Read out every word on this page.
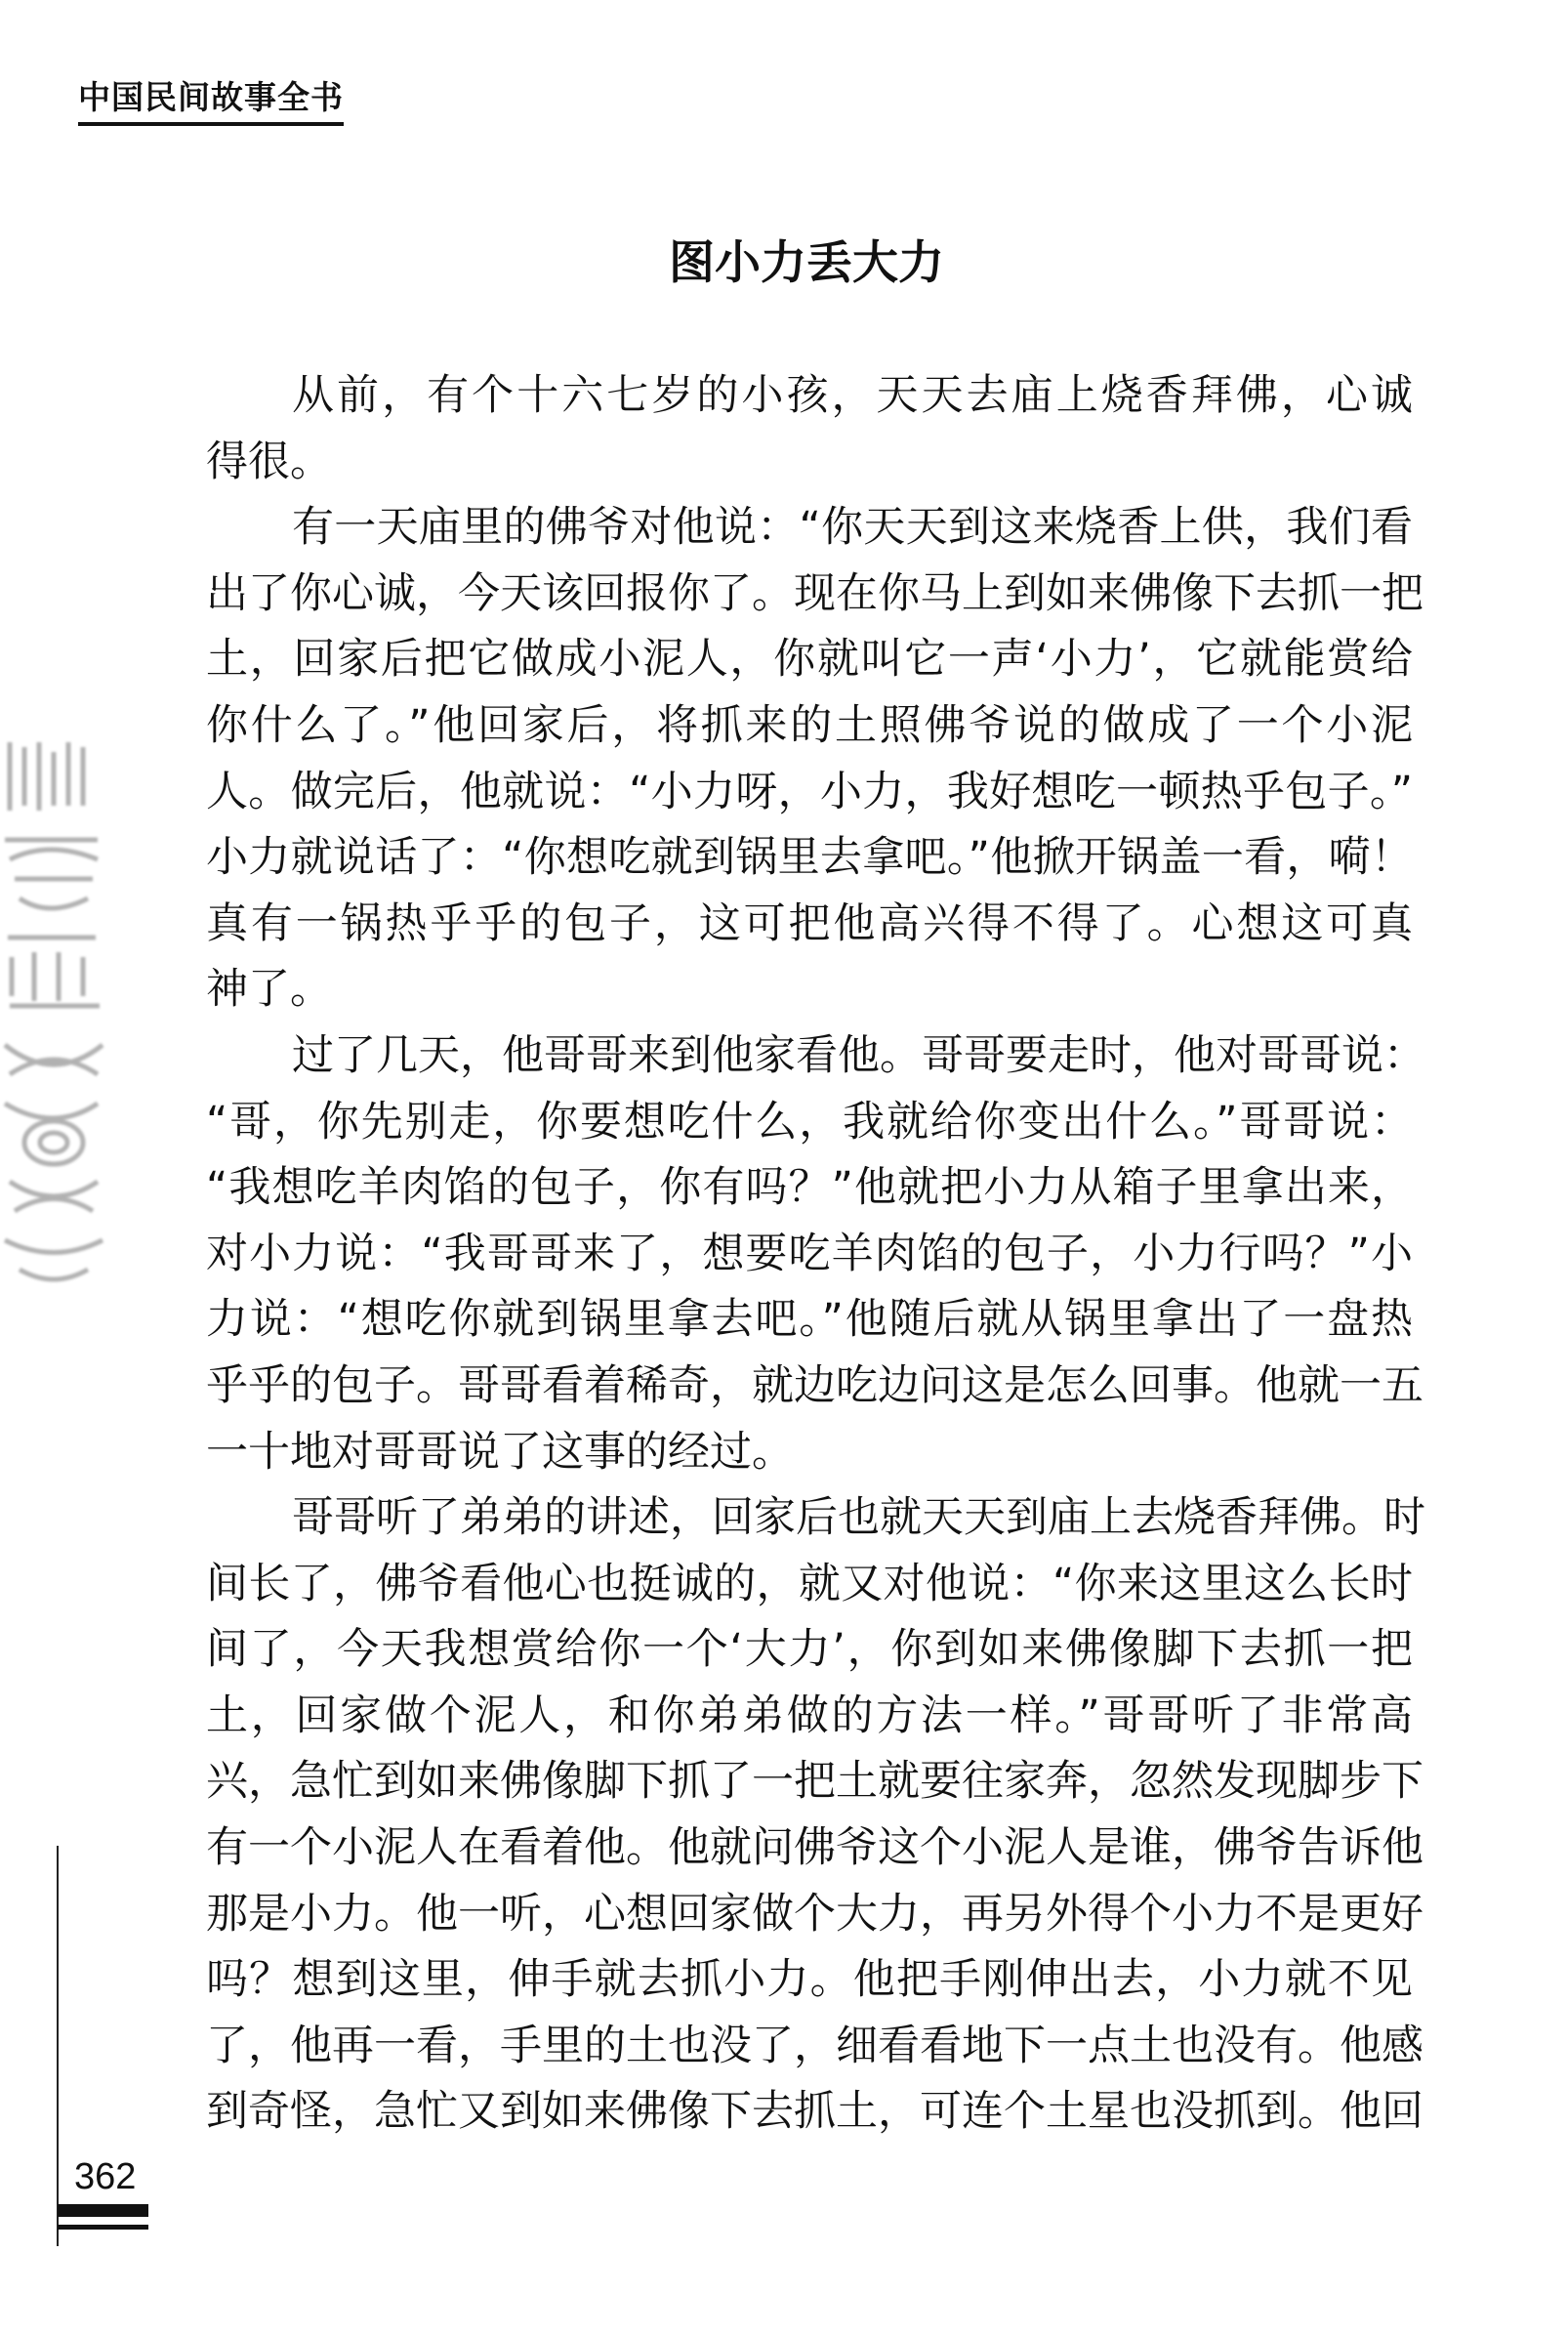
中国民间故事全书
图小力丢大力
从前，有个十六七岁的小孩，天天去庙上烧香拜佛，心诚
得很。
有一天庙里的佛爷对他说：“你天天到这来烧香上供，我们看
出了你心诚，今天该回报你了。现在你马上到如来佛像下去抓一把
土，回家后把它做成小泥人，你就叫它一声‘小力’，它就能赏给
你什么了。”他回家后，将抓来的土照佛爷说的做成了一个小泥
人。做完后，他就说：“小力呀，小力，我好想吃一顿热乎包子。”
小力就说话了：“你想吃就到锅里去拿吧。”他掀开锅盖一看，嗬！
真有一锅热乎乎的包子，这可把他高兴得不得了。心想这可真
神了。
过了几天，他哥哥来到他家看他。哥哥要走时，他对哥哥说：
“哥，你先别走，你要想吃什么，我就给你变出什么。”哥哥说：
“我想吃羊肉馅的包子，你有吗？”他就把小力从箱子里拿出来，
对小力说：“我哥哥来了，想要吃羊肉馅的包子，小力行吗？”小
力说：“想吃你就到锅里拿去吧。”他随后就从锅里拿出了一盘热
乎乎的包子。哥哥看着稀奇，就边吃边问这是怎么回事。他就一五
一十地对哥哥说了这事的经过。
哥哥听了弟弟的讲述，回家后也就天天到庙上去烧香拜佛。时
间长了，佛爷看他心也挺诚的，就又对他说：“你来这里这么长时
间了，今天我想赏给你一个‘大力’，你到如来佛像脚下去抓一把
土，回家做个泥人，和你弟弟做的方法一样。”哥哥听了非常高
兴，急忙到如来佛像脚下抓了一把土就要往家奔，忽然发现脚步下
有一个小泥人在看着他。他就问佛爷这个小泥人是谁，佛爷告诉他
那是小力。他一听，心想回家做个大力，再另外得个小力不是更好
吗？想到这里，伸手就去抓小力。他把手刚伸出去，小力就不见
了，他再一看，手里的土也没了，细看看地下一点土也没有。他感
到奇怪，急忙又到如来佛像下去抓土，可连个土星也没抓到。他回
362
